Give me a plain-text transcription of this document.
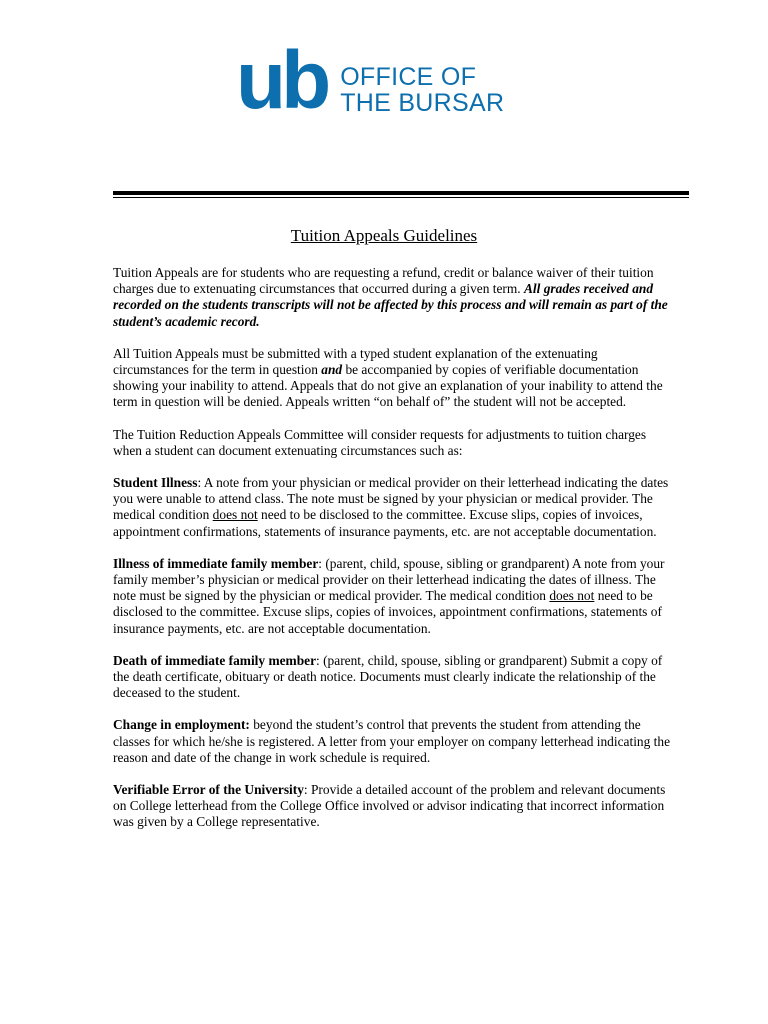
ub OFFICE OF
THE BURSAR
Tuition Appeals Guidelines

Tuition Appeals are for students who are requesting a refund, credit or balance waiver of their tuition charges due to extenuating circumstances that occurred during a given term. All grades received and recorded on the students transcripts will not be affected by this process and will remain as part of the student’s academic record.

All Tuition Appeals must be submitted with a typed student explanation of the extenuating circumstances for the term in question and be accompanied by copies of verifiable documentation showing your inability to attend. Appeals that do not give an explanation of your inability to attend the term in question will be denied. Appeals written “on behalf of” the student will not be accepted.

The Tuition Reduction Appeals Committee will consider requests for adjustments to tuition charges when a student can document extenuating circumstances such as:

Student Illness: A note from your physician or medical provider on their letterhead indicating the dates you were unable to attend class. The note must be signed by your physician or medical provider. The medical condition does not need to be disclosed to the committee. Excuse slips, copies of invoices, appointment confirmations, statements of insurance payments, etc. are not acceptable documentation.

Illness of immediate family member: (parent, child, spouse, sibling or grandparent) A note from your family member’s physician or medical provider on their letterhead indicating the dates of illness. The note must be signed by the physician or medical provider. The medical condition does not need to be disclosed to the committee. Excuse slips, copies of invoices, appointment confirmations, statements of insurance payments, etc. are not acceptable documentation.

Death of immediate family member: (parent, child, spouse, sibling or grandparent) Submit a copy of the death certificate, obituary or death notice. Documents must clearly indicate the relationship of the deceased to the student.

Change in employment: beyond the student’s control that prevents the student from attending the classes for which he/she is registered. A letter from your employer on company letterhead indicating the reason and date of the change in work schedule is required.

Verifiable Error of the University: Provide a detailed account of the problem and relevant documents on College letterhead from the College Office involved or advisor indicating that incorrect information was given by a College representative.
